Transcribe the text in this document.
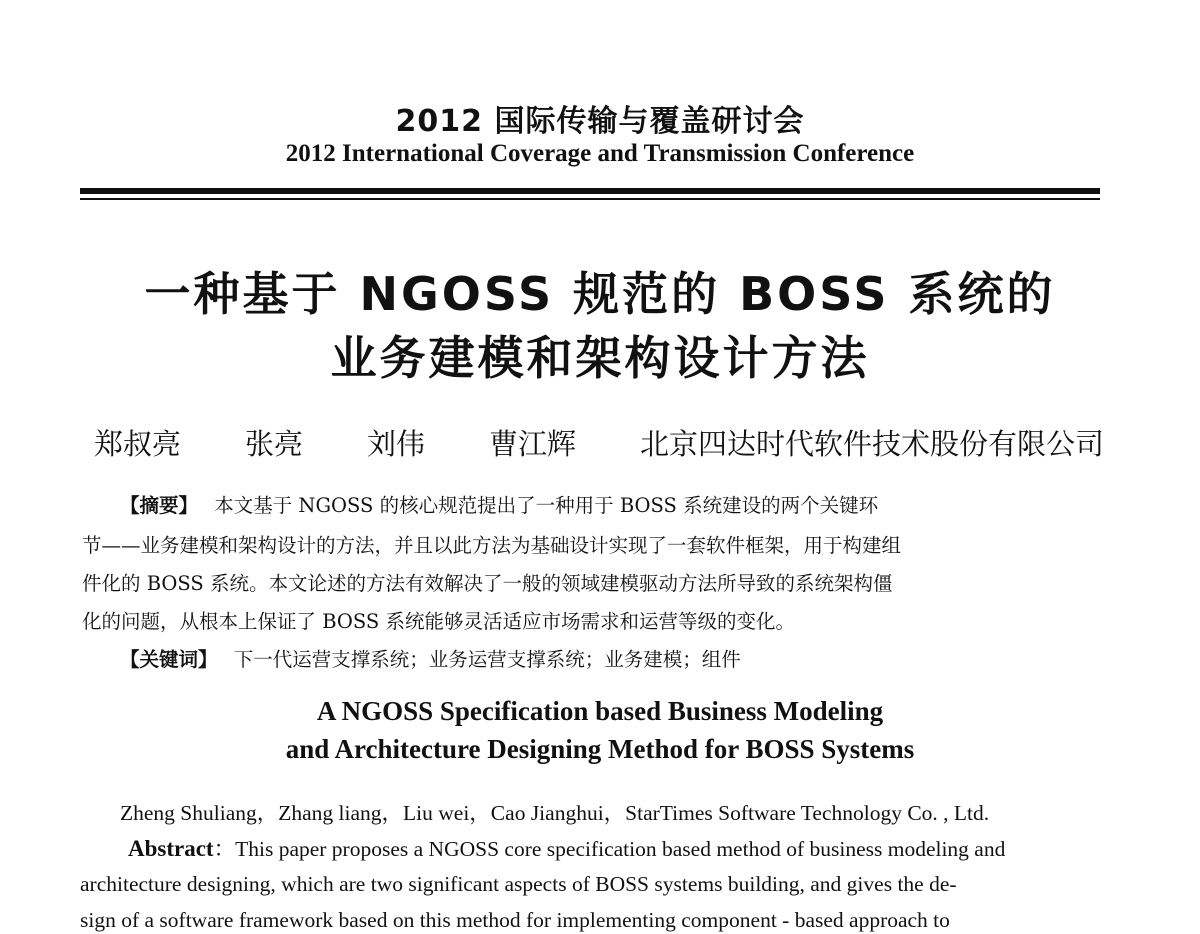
2012 国际传输与覆盖研讨会
2012 International Coverage and Transmission Conference
一种基于 NGOSS 规范的 BOSS 系统的
业务建模和架构设计方法
郑叔亮 张亮 刘伟 曹江辉 北京四达时代软件技术股份有限公司
【摘要】 本文基于 NGOSS 的核心规范提出了一种用于 BOSS 系统建设的两个关键环
节——业务建模和架构设计的方法，并且以此方法为基础设计实现了一套软件框架，用于构建组
件化的 BOSS 系统。本文论述的方法有效解决了一般的领域建模驱动方法所导致的系统架构僵
化的问题，从根本上保证了 BOSS 系统能够灵活适应市场需求和运营等级的变化。
【关键词】 下一代运营支撑系统；业务运营支撑系统；业务建模；组件
A NGOSS Specification based Business Modeling
and Architecture Designing Method for BOSS Systems
Zheng Shuliang，Zhang liang，Liu wei，Cao Jianghui，StarTimes Software Technology Co. , Ltd.
Abstract：This paper proposes a NGOSS core specification based method of business modeling and
architecture designing, which are two significant aspects of BOSS systems building, and gives the de-
sign of a software framework based on this method for implementing component - based approach to
